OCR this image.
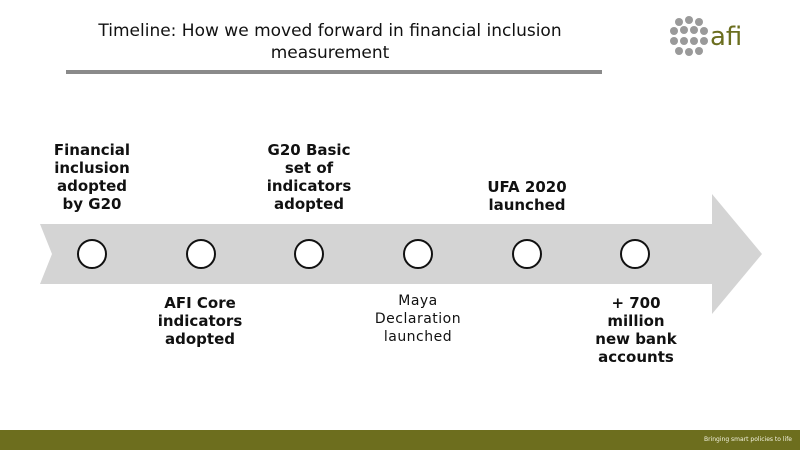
Timeline: How we moved forward in financial inclusion
measurement
afi
Financial
inclusion
adopted
by G20
G20 Basic
set of
indicators
adopted
UFA 2020
launched
AFI Core
indicators
adopted
Maya
Declaration
launched
+ 700
million
new bank
accounts
Bringing smart policies to life
